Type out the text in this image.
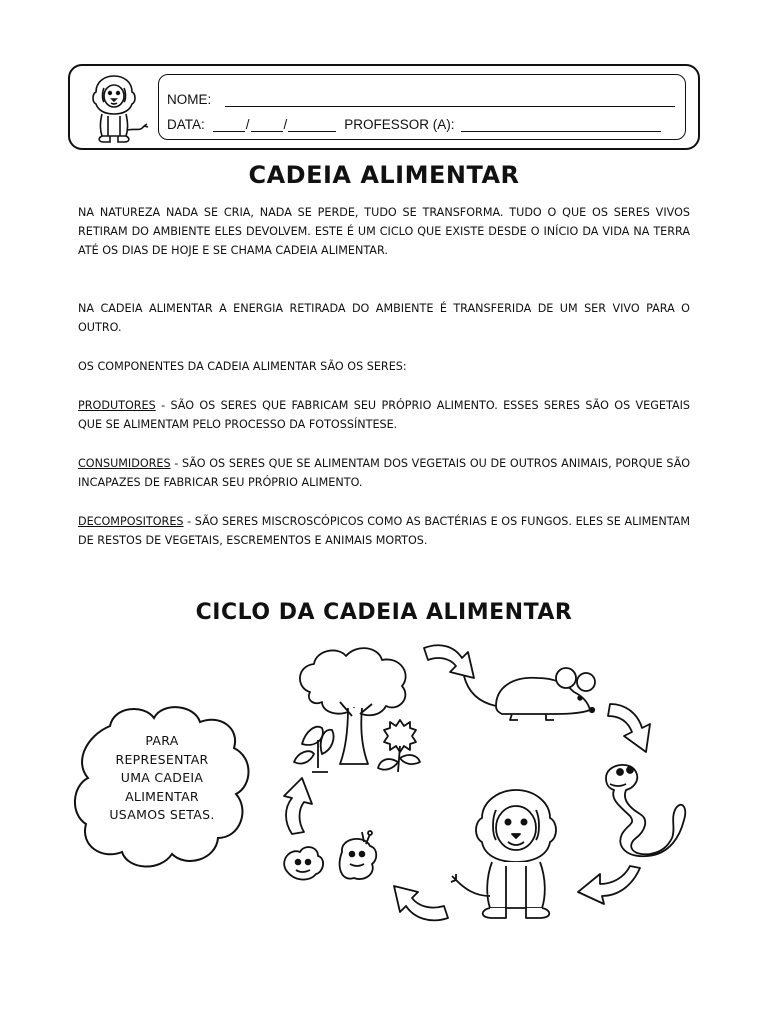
NOME:
DATA:	/	/	PROFESSOR (A):
CADEIA ALIMENTAR

NA NATUREZA NADA SE CRIA, NADA SE PERDE, TUDO SE TRANSFORMA. TUDO O QUE OS SERES VIVOS RETIRAM DO AMBIENTE ELES DEVOLVEM. ESTE É UM CICLO QUE EXISTE DESDE O INÍCIO DA VIDA NA TERRA ATÉ OS DIAS DE HOJE E SE CHAMA CADEIA ALIMENTAR.

NA CADEIA ALIMENTAR A ENERGIA RETIRADA DO AMBIENTE É TRANSFERIDA DE UM SER VIVO PARA O OUTRO.

OS COMPONENTES DA CADEIA ALIMENTAR SÃO OS SERES:

PRODUTORES - SÃO OS SERES QUE FABRICAM SEU PRÓPRIO ALIMENTO. ESSES SERES SÃO OS VEGETAIS QUE SE ALIMENTAM PELO PROCESSO DA FOTOSSÍNTESE.

CONSUMIDORES - SÃO OS SERES QUE SE ALIMENTAM DOS VEGETAIS OU DE OUTROS ANIMAIS, PORQUE SÃO INCAPAZES DE FABRICAR SEU PRÓPRIO ALIMENTO.

DECOMPOSITORES - SÃO SERES MISCROSCÓPICOS COMO AS BACTÉRIAS E OS FUNGOS. ELES SE ALIMENTAM DE RESTOS DE VEGETAIS, ESCREMENTOS E ANIMAIS MORTOS.

CICLO DA CADEIA ALIMENTAR
PARA
REPRESENTAR
UMA CADEIA
ALIMENTAR
USAMOS SETAS.
